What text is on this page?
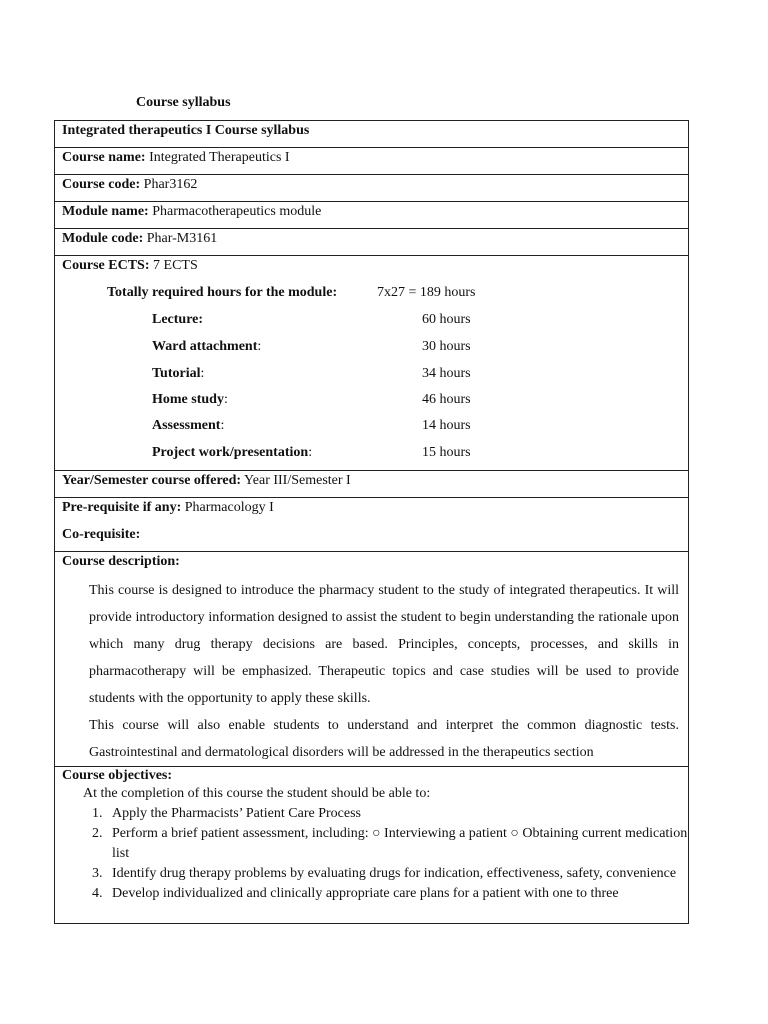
Course syllabus
Integrated therapeutics I Course syllabus
Course name: Integrated Therapeutics I
Course code: Phar3162
Module name: Pharmacotherapeutics module
Module code: Phar-M3161
Course ECTS: 7 ECTS
Totally required hours for the module:	7x27 = 189 hours
Lecture:	60 hours
Ward attachment:	30 hours
Tutorial:	34 hours
Home study:	46 hours
Assessment:	14 hours
Project work/presentation:	15 hours
Year/Semester course offered: Year III/Semester I
Pre-requisite if any: Pharmacology I
Co-requisite:
Course description:

This course is designed to introduce the pharmacy student to the study of integrated therapeutics. It will provide introductory information designed to assist the student to begin understanding the rationale upon which many drug therapy decisions are based. Principles, concepts, processes, and skills in pharmacotherapy will be emphasized. Therapeutic topics and case studies will be used to provide students with the opportunity to apply these skills.

This course will also enable students to understand and interpret the common diagnostic tests. Gastrointestinal and dermatological disorders will be addressed in the therapeutics section

Course objectives:
At the completion of this course the student should be able to:
1. Apply the Pharmacists’ Patient Care Process
2. Perform a brief patient assessment, including: ○ Interviewing a patient ○ Obtaining current medication list
3. Identify drug therapy problems by evaluating drugs for indication, effectiveness, safety, convenience
4. Develop individualized and clinically appropriate care plans for a patient with one to three
